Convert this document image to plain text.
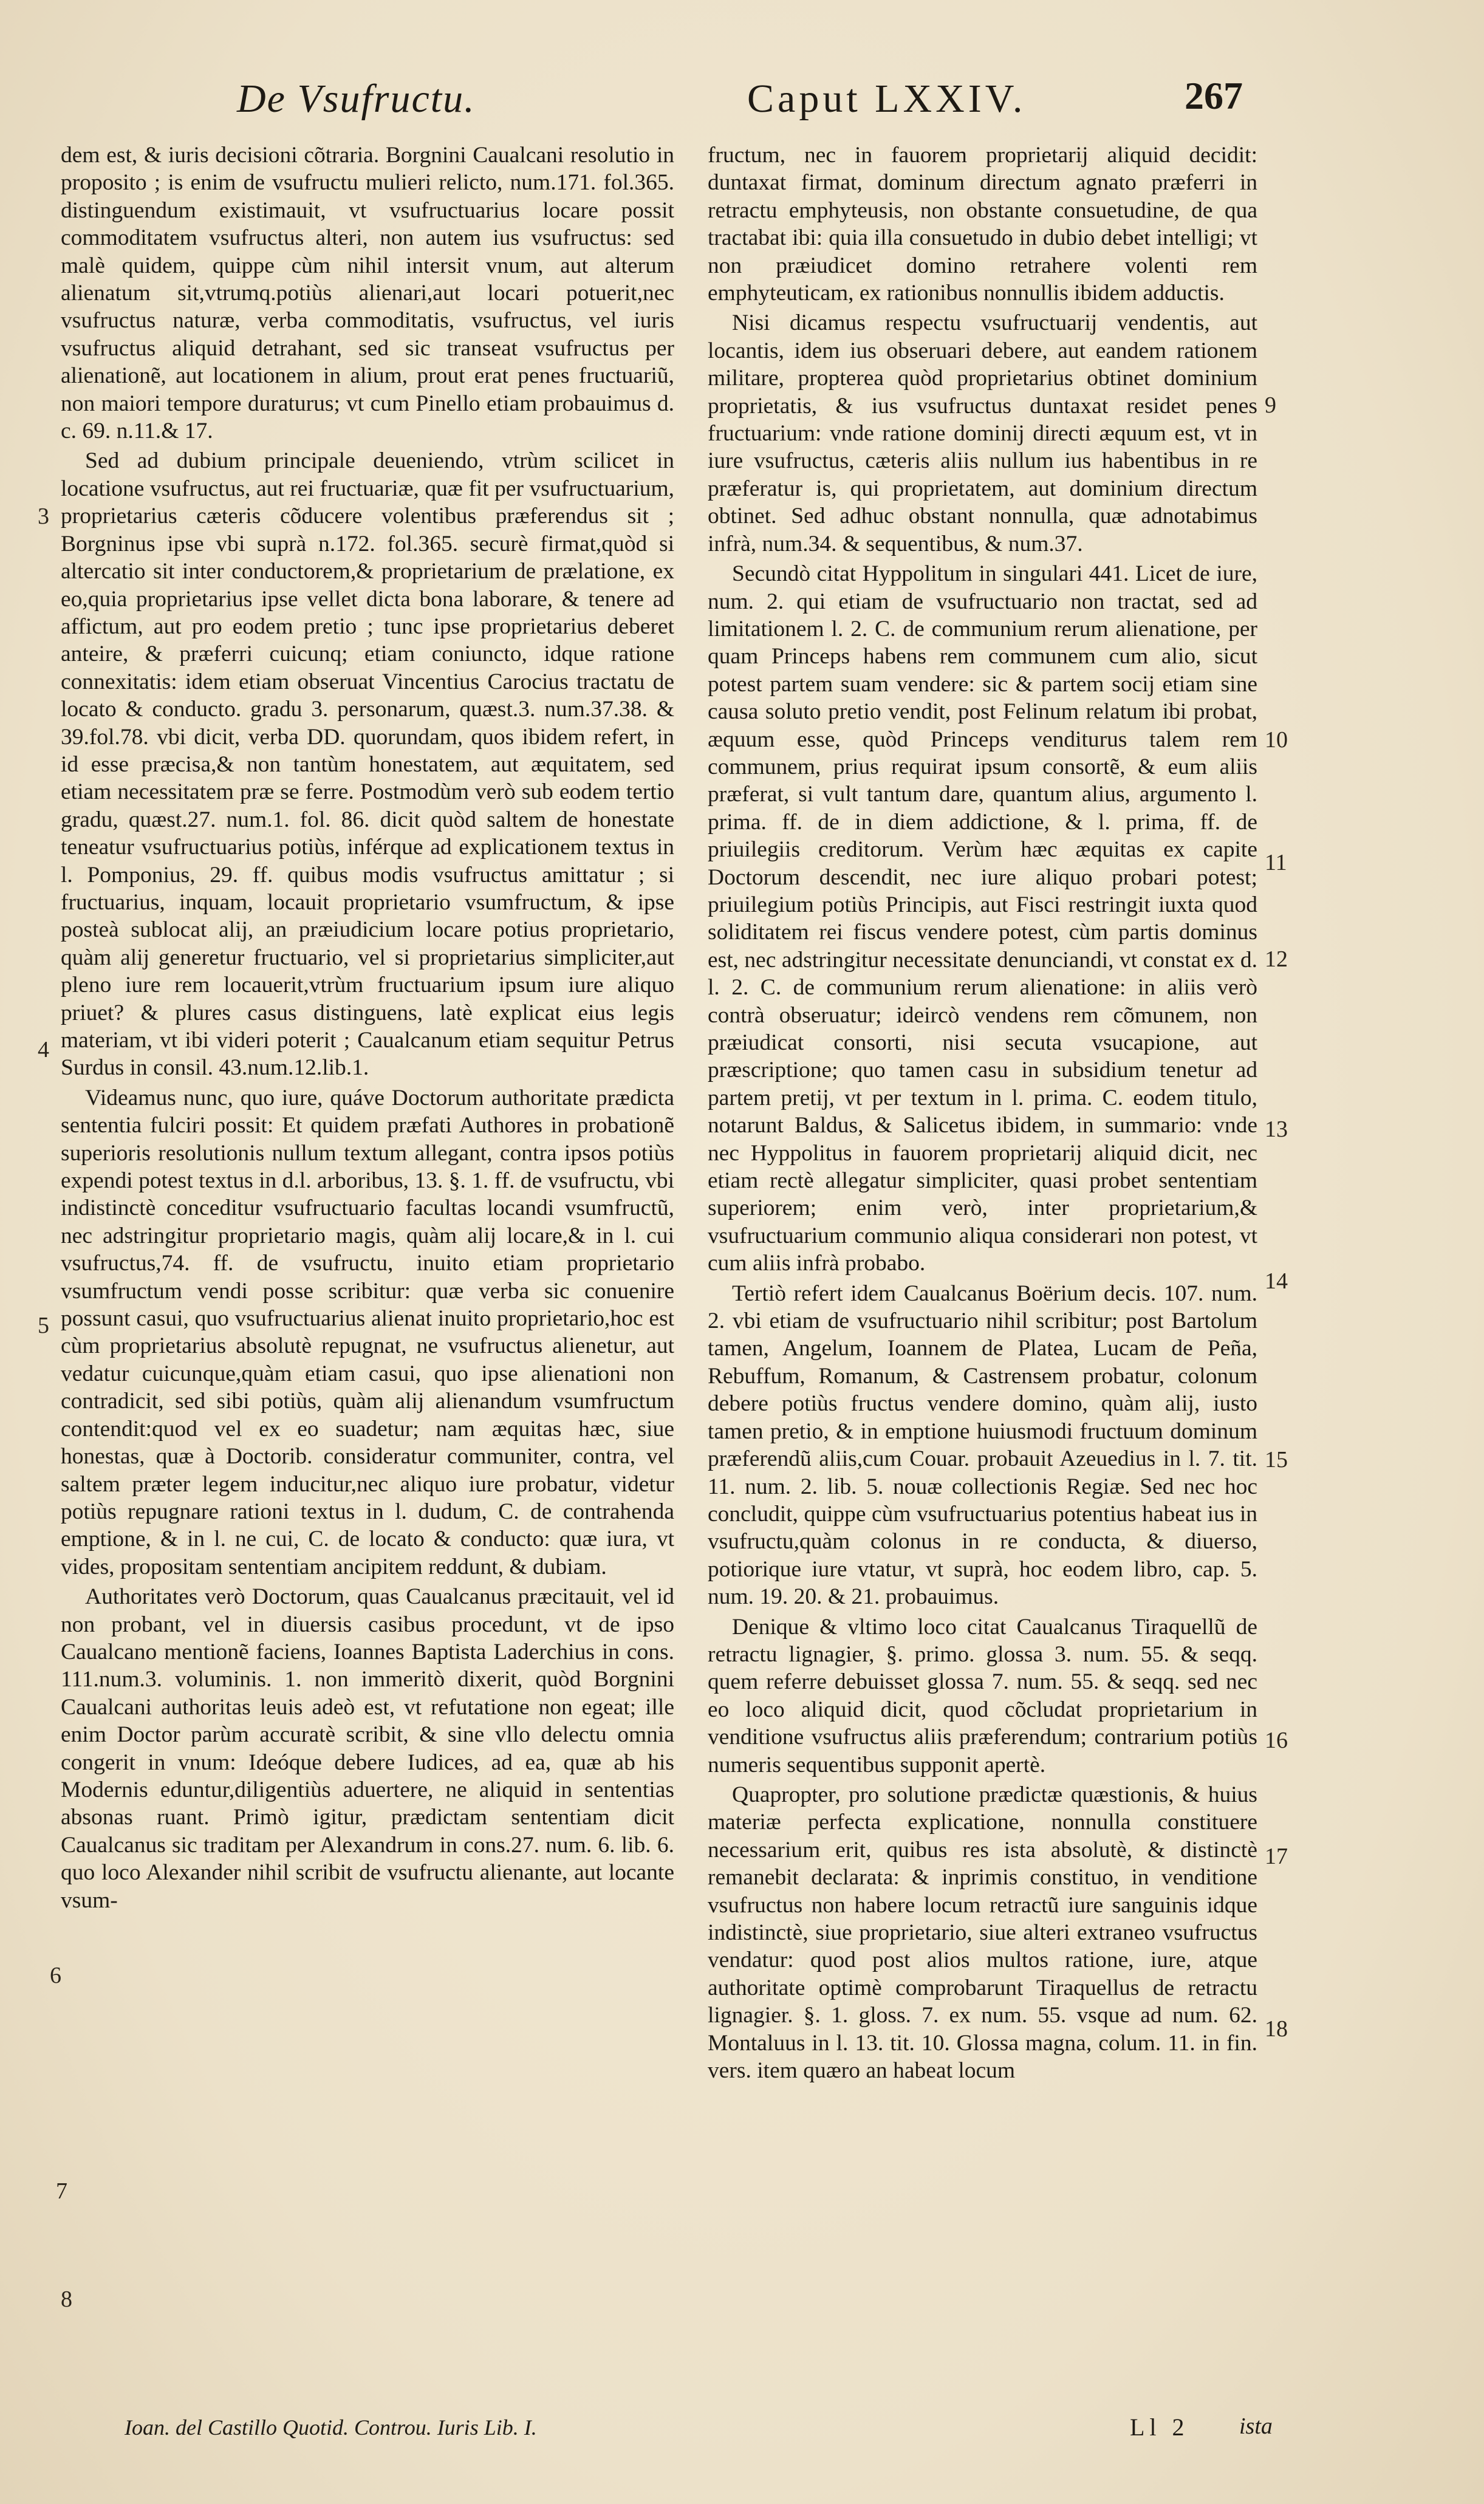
De Vsufructu.	Caput LXXIV.	267

dem est, & iuris decisioni cõtraria. Borgnini Caualcani resolutio in proposito ; is enim de vsufructu mulieri relicto, num.171. fol.365. distinguendum existimauit, vt vsufructuarius locare possit commoditatem vsufructus alteri, non autem ius vsufructus: sed malè quidem, quippe cùm nihil intersit vnum, aut alterum alienatum sit,vtrumq.potiùs alienari,aut locari potuerit,nec vsufructus naturæ, verba commoditatis, vsufructus, vel iuris vsufructus aliquid detrahant, sed sic transeat vsufructus per alienationẽ, aut locationem in alium, prout erat penes fructuariũ, non maiori tempore duraturus; vt cum Pinello etiam probauimus d. c. 69. n.11.& 17.

Sed ad dubium principale deueniendo, vtrùm scilicet in locatione vsufructus, aut rei fructuariæ, quæ fit per vsufructuarium, proprietarius cæteris cõducere volentibus præferendus sit ; Borgninus ipse vbi suprà n.172. fol.365. securè firmat,quòd si altercatio sit inter conductorem,& proprietarium de prælatione, ex eo,quia proprietarius ipse vellet dicta bona laborare, & tenere ad affictum, aut pro eodem pretio ; tunc ipse proprietarius deberet anteire, & præferri cuicunq; etiam coniuncto, idque ratione connexitatis: idem etiam obseruat Vincentius Carocius tractatu de locato & conducto. gradu 3. personarum, quæst.3. num.37.38. & 39.fol.78. vbi dicit, verba DD. quorundam, quos ibidem refert, in id esse præcisa,& non tantùm honestatem, aut æquitatem, sed etiam necessitatem præ se ferre. Postmodùm verò sub eodem tertio gradu, quæst.27. num.1. fol. 86. dicit quòd saltem de honestate teneatur vsufructuarius potiùs, inférque ad explicationem textus in l. Pomponius, 29. ff. quibus modis vsufructus amittatur ; si fructuarius, inquam, locauit proprietario vsumfructum, & ipse posteà sublocat alij, an præiudicium locare potius proprietario, quàm alij generetur fructuario, vel si proprietarius simpliciter,aut pleno iure rem locauerit,vtrùm fructuarium ipsum iure aliquo priuet? & plures casus distinguens, latè explicat eius legis materiam, vt ibi videri poterit ; Caualcanum etiam sequitur Petrus Surdus in consil. 43.num.12.lib.1.

Videamus nunc, quo iure, quáve Doctorum authoritate prædicta sententia fulciri possit: Et quidem præfati Authores in probationẽ superioris resolutionis nullum textum allegant, contra ipsos potiùs expendi potest textus in d.l. arboribus, 13. §. 1. ff. de vsufructu, vbi indistinctè conceditur vsufructuario facultas locandi vsumfructũ, nec adstringitur proprietario magis, quàm alij locare,& in l. cui vsufructus,74. ff. de vsufructu, inuito etiam proprietario vsumfructum vendi posse scribitur: quæ verba sic conuenire possunt casui, quo vsufructuarius alienat inuito proprietario,hoc est cùm proprietarius absolutè repugnat, ne vsufructus alienetur, aut vedatur cuicunque,quàm etiam casui, quo ipse alienationi non contradicit, sed sibi potiùs, quàm alij alienandum vsumfructum contendit:quod vel ex eo suadetur; nam æquitas hæc, siue honestas, quæ à Doctorib. consideratur communiter, contra, vel saltem præter legem inducitur,nec aliquo iure probatur, videtur potiùs repugnare rationi textus in l. dudum, C. de contrahenda emptione, & in l. ne cui, C. de locato & conducto: quæ iura, vt vides, propositam sententiam ancipitem reddunt, & dubiam.

Authoritates verò Doctorum, quas Caualcanus præcitauit, vel id non probant, vel in diuersis casibus procedunt, vt de ipso Caualcano mentionẽ faciens, Ioannes Baptista Laderchius in cons. 111.num.3. voluminis. 1. non immeritò dixerit, quòd Borgnini Caualcani authoritas leuis adeò est, vt refutatione non egeat; ille enim Doctor parùm accuratè scribit, & sine vllo delectu omnia congerit in vnum: Ideóque debere Iudices, ad ea, quæ ab his Modernis eduntur,diligentiùs aduertere, ne aliquid in sententias absonas ruant. Primò igitur, prædictam sententiam dicit Caualcanus sic traditam per Alexandrum in cons.27. num. 6. lib. 6. quo loco Alexander nihil scribit de vsufructu alienante, aut locante vsum-

fructum, nec in fauorem proprietarij aliquid decidit: duntaxat firmat, dominum directum agnato præferri in retractu emphyteusis, non obstante consuetudine, de qua tractabat ibi: quia illa consuetudo in dubio debet intelligi; vt non præiudicet domino retrahere volenti rem emphyteuticam, ex rationibus nonnullis ibidem adductis.

Nisi dicamus respectu vsufructuarij vendentis, aut locantis, idem ius obseruari debere, aut eandem rationem militare, propterea quòd proprietarius obtinet dominium proprietatis, & ius vsufructus duntaxat residet penes fructuarium: vnde ratione dominij directi æquum est, vt in iure vsufructus, cæteris aliis nullum ius habentibus in re præferatur is, qui proprietatem, aut dominium directum obtinet. Sed adhuc obstant nonnulla, quæ adnotabimus infrà, num.34. & sequentibus, & num.37.

Secundò citat Hyppolitum in singulari 441. Licet de iure, num. 2. qui etiam de vsufructuario non tractat, sed ad limitationem l. 2. C. de communium rerum alienatione, per quam Princeps habens rem communem cum alio, sicut potest partem suam vendere: sic & partem socij etiam sine causa soluto pretio vendit, post Felinum relatum ibi probat, æquum esse, quòd Princeps venditurus talem rem communem, prius requirat ipsum consortẽ, & eum aliis præferat, si vult tantum dare, quantum alius, argumento l. prima. ff. de in diem addictione, & l. prima, ff. de priuilegiis creditorum. Verùm hæc æquitas ex capite Doctorum descendit, nec iure aliquo probari potest; priuilegium potiùs Principis, aut Fisci restringit iuxta quod soliditatem rei fiscus vendere potest, cùm partis dominus est, nec adstringitur necessitate denunciandi, vt constat ex d. l. 2. C. de communium rerum alienatione: in aliis verò contrà obseruatur; ideircò vendens rem cõmunem, non præiudicat consorti, nisi secuta vsucapione, aut præscriptione; quo tamen casu in subsidium tenetur ad partem pretij, vt per textum in l. prima. C. eodem titulo, notarunt Baldus, & Salicetus ibidem, in summario: vnde nec Hyppolitus in fauorem proprietarij aliquid dicit, nec etiam rectè allegatur simpliciter, quasi probet sententiam superiorem; enim verò, inter proprietarium,& vsufructuarium communio aliqua considerari non potest, vt cum aliis infrà probabo.

Tertiò refert idem Caualcanus Boërium decis. 107. num. 2. vbi etiam de vsufructuario nihil scribitur; post Bartolum tamen, Angelum, Ioannem de Platea, Lucam de Peña, Rebuffum, Romanum, & Castrensem probatur, colonum debere potiùs fructus vendere domino, quàm alij, iusto tamen pretio, & in emptione huiusmodi fructuum dominum præferendũ aliis,cum Couar. probauit Azeuedius in l. 7. tit. 11. num. 2. lib. 5. nouæ collectionis Regiæ. Sed nec hoc concludit, quippe cùm vsufructuarius potentius habeat ius in vsufructu,quàm colonus in re conducta, & diuerso, potiorique iure vtatur, vt suprà, hoc eodem libro, cap. 5. num. 19. 20. & 21. probauimus.

Denique & vltimo loco citat Caualcanus Tiraquellũ de retractu lignagier, §. primo. glossa 3. num. 55. & seqq. quem referre debuisset glossa 7. num. 55. & seqq. sed nec eo loco aliquid dicit, quod cõcludat proprietarium in venditione vsufructus aliis præferendum; contrarium potiùs numeris sequentibus supponit apertè.

Quapropter, pro solutione prædictæ quæstionis, & huius materiæ perfecta explicatione, nonnulla constituere necessarium erit, quibus res ista absolutè, & distinctè remanebit declarata: & inprimis constituo, in venditione vsufructus non habere locum retractũ iure sanguinis idque indistinctè, siue proprietario, siue alteri extraneo vsufructus vendatur: quod post alios multos ratione, iure, atque authoritate optimè comprobarunt Tiraquellus de retractu lignagier. §. 1. gloss. 7. ex num. 55. vsque ad num. 62. Montaluus in l. 13. tit. 10. Glossa magna, colum. 11. in fin. vers. item quæro an habeat locum

3
4
5
6
7
8
9
10
11
12
13
14
15
16
17
18
Ioan. del Castillo Quotid. Controu. Iuris Lib. I.	Ll 2 ista
